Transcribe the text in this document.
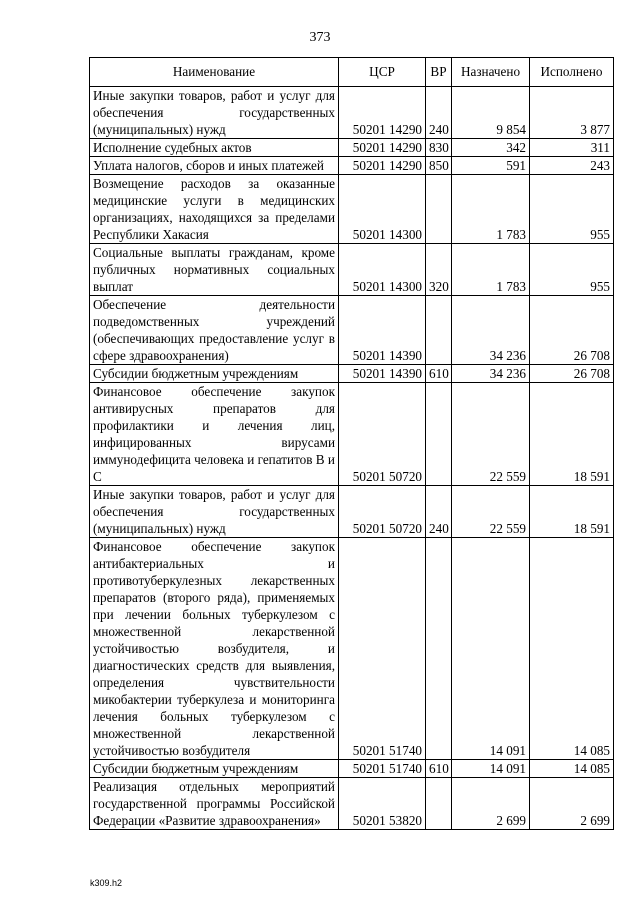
373
Наименование	ЦСР	ВР	Назначено	Исполнено
Иные закупки товаров, работ и услуг для обеспечения государственных (муниципальных) нужд	50201 14290	240	9 854	3 877
Исполнение судебных актов	50201 14290	830	342	311
Уплата налогов, сборов и иных платежей	50201 14290	850	591	243
Возмещение расходов за оказанные медицинские услуги в медицинских организациях, находящихся за пределами Республики Хакасия	50201 14300		1 783	955
Социальные выплаты гражданам, кроме публичных нормативных социальных выплат	50201 14300	320	1 783	955
Обеспечение деятельности подведомственных учреждений (обеспечивающих предоставление услуг в сфере здравоохранения)	50201 14390		34 236	26 708
Субсидии бюджетным учреждениям	50201 14390	610	34 236	26 708
Финансовое обеспечение закупок антивирусных препаратов для профилактики и лечения лиц, инфицированных вирусами иммунодефицита человека и гепатитов В и С	50201 50720		22 559	18 591
Иные закупки товаров, работ и услуг для обеспечения государственных (муниципальных) нужд	50201 50720	240	22 559	18 591
Финансовое обеспечение закупок антибактериальных и противотуберкулезных лекарственных препаратов (второго ряда), применяемых при лечении больных туберкулезом с множественной лекарственной устойчивостью возбудителя, и диагностических средств для выявления, определения чувствительности микобактерии туберкулеза и мониторинга лечения больных туберкулезом с множественной лекарственной устойчивостью возбудителя	50201 51740		14 091	14 085
Субсидии бюджетным учреждениям	50201 51740	610	14 091	14 085
Реализация отдельных мероприятий государственной программы Российской Федерации «Развитие здравоохранения»	50201 53820		2 699	2 699
k309.h2
